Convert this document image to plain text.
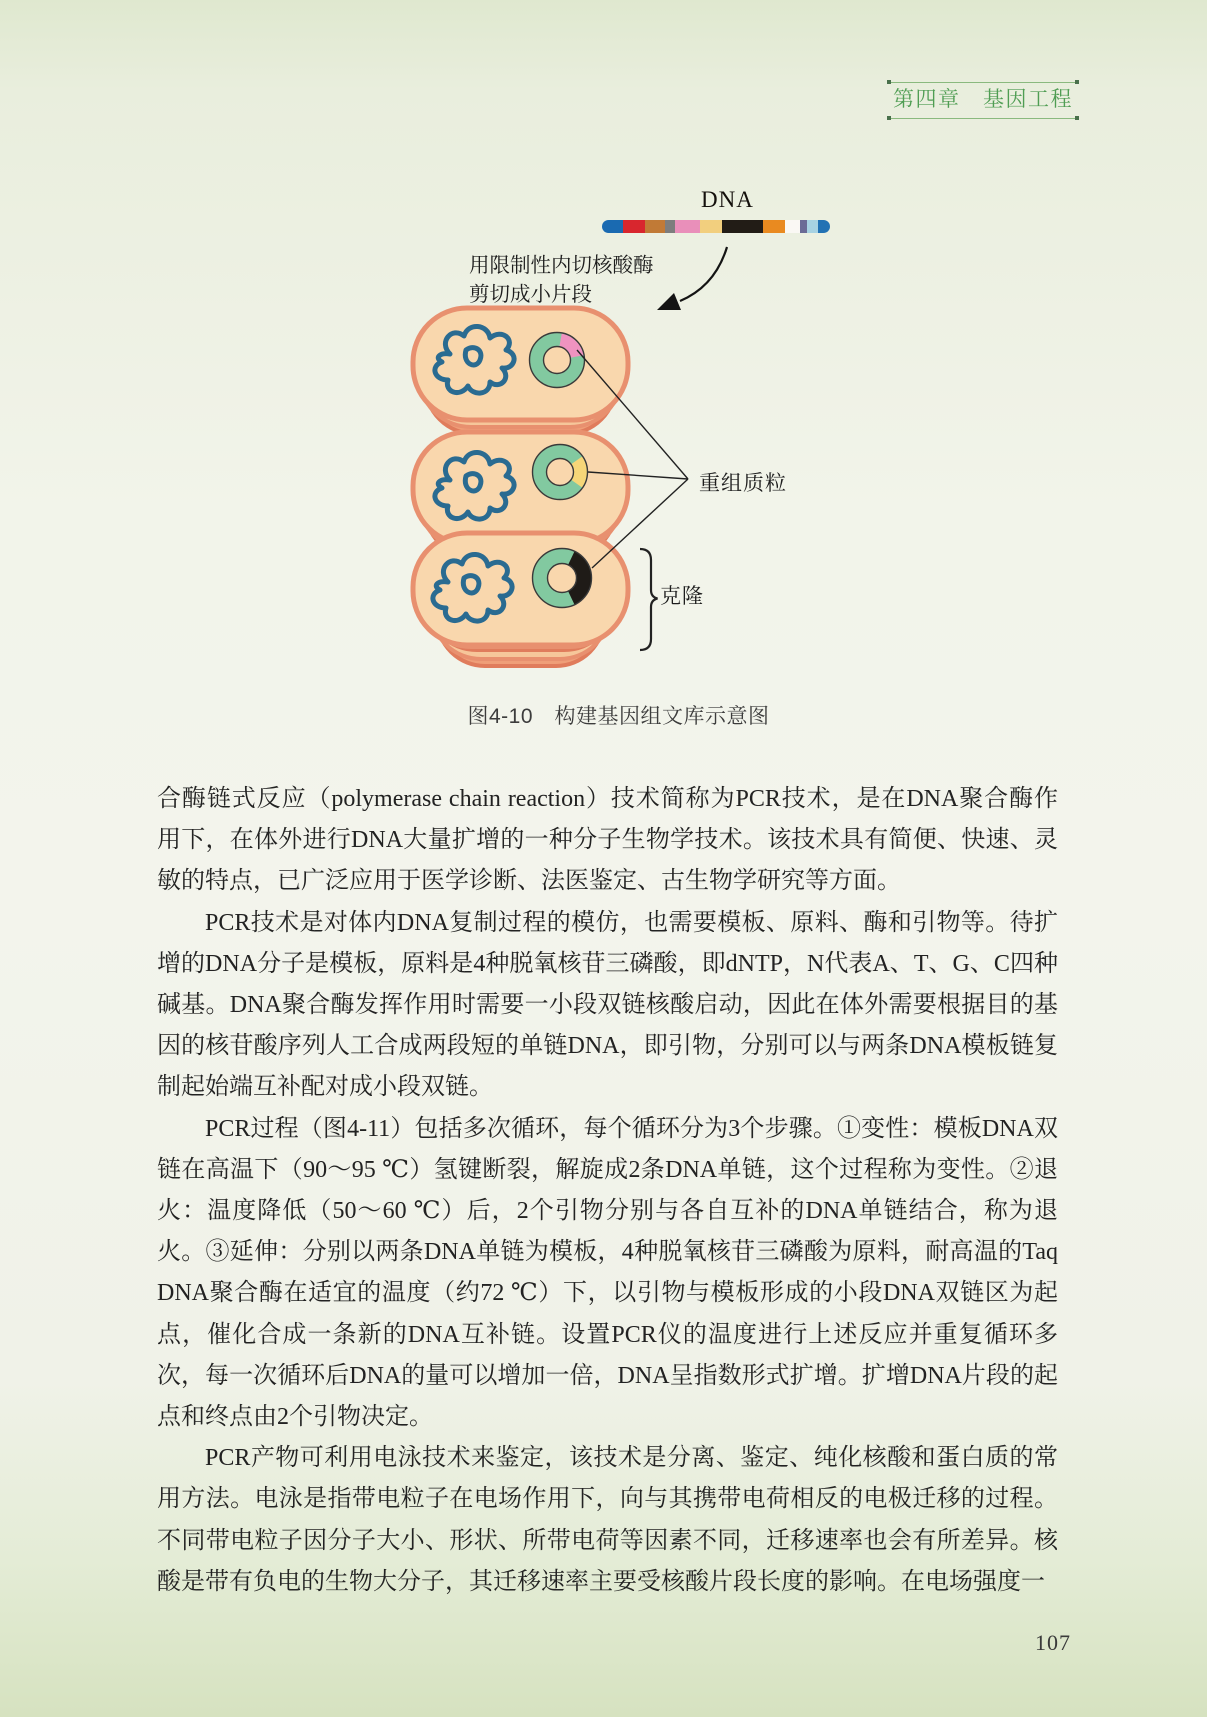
第四章　基因工程
DNA
用限制性内切核酸酶
剪切成小片段
重组质粒
克隆
图4-10　构建基因组文库示意图

合酶链式反应（polymerase chain reaction）技术简称为PCR技术，是在DNA聚合酶作用下，在体外进行DNA大量扩增的一种分子生物学技术。该技术具有简便、快速、灵敏的特点，已广泛应用于医学诊断、法医鉴定、古生物学研究等方面。

PCR技术是对体内DNA复制过程的模仿，也需要模板、原料、酶和引物等。待扩增的DNA分子是模板，原料是4种脱氧核苷三磷酸，即dNTP，N代表A、T、G、C四种碱基。DNA聚合酶发挥作用时需要一小段双链核酸启动，因此在体外需要根据目的基因的核苷酸序列人工合成两段短的单链DNA，即引物，分别可以与两条DNA模板链复制起始端互补配对成小段双链。

PCR过程（图4-11）包括多次循环，每个循环分为3个步骤。①变性：模板DNA双链在高温下（90～95 ℃）氢键断裂，解旋成2条DNA单链，这个过程称为变性。②退火：温度降低（50～60 ℃）后，2个引物分别与各自互补的DNA单链结合，称为退火。③延伸：分别以两条DNA单链为模板，4种脱氧核苷三磷酸为原料，耐高温的Taq DNA聚合酶在适宜的温度（约72 ℃）下，以引物与模板形成的小段DNA双链区为起点，催化合成一条新的DNA互补链。设置PCR仪的温度进行上述反应并重复循环多次，每一次循环后DNA的量可以增加一倍，DNA呈指数形式扩增。扩增DNA片段的起点和终点由2个引物决定。

PCR产物可利用电泳技术来鉴定，该技术是分离、鉴定、纯化核酸和蛋白质的常用方法。电泳是指带电粒子在电场作用下，向与其携带电荷相反的电极迁移的过程。不同带电粒子因分子大小、形状、所带电荷等因素不同，迁移速率也会有所差异。核酸是带有负电的生物大分子，其迁移速率主要受核酸片段长度的影响。在电场强度一

107
